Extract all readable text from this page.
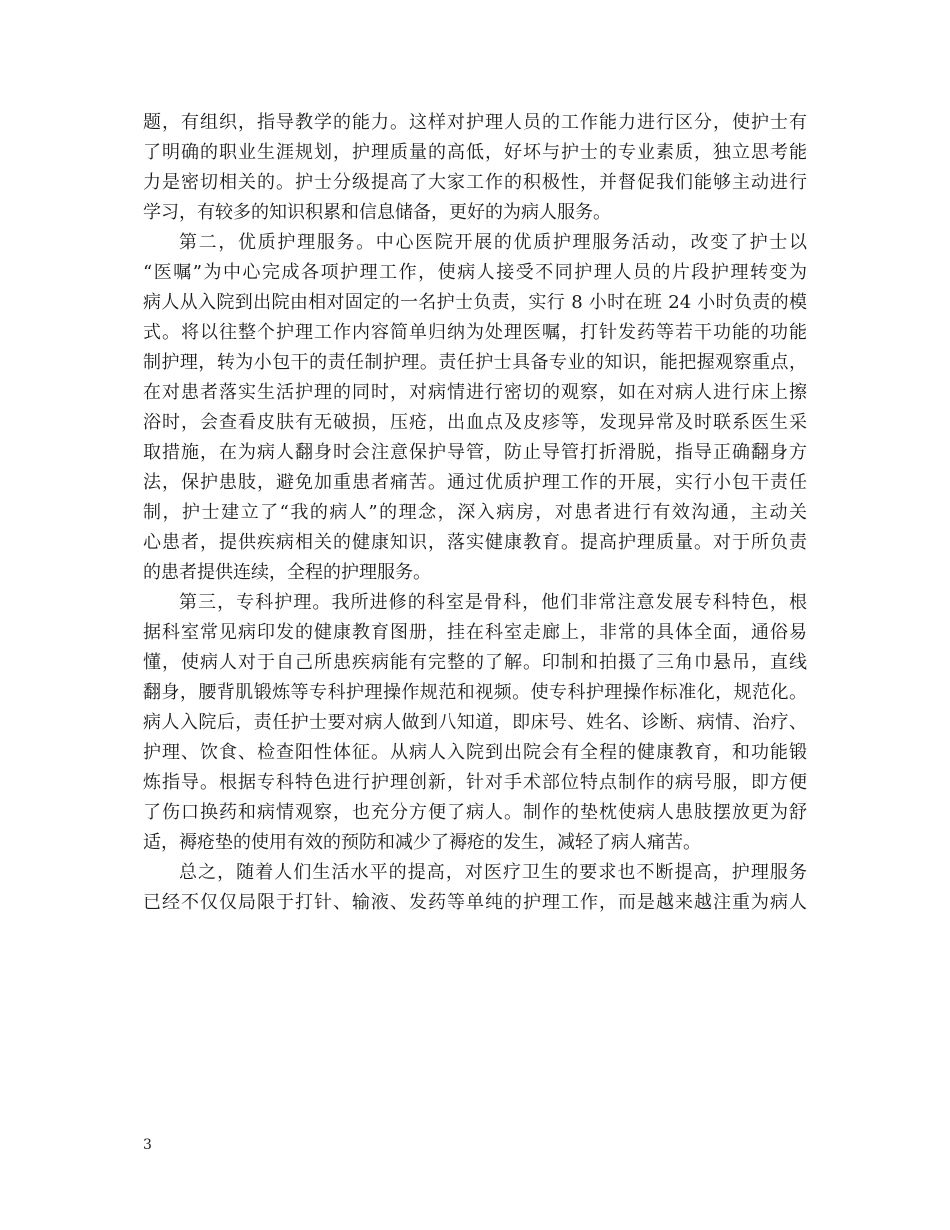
题，有组织，指导教学的能力。这样对护理人员的工作能力进行区分，使护士有
了明确的职业生涯规划，护理质量的高低，好坏与护士的专业素质，独立思考能
力是密切相关的。护士分级提高了大家工作的积极性，并督促我们能够主动进行
学习，有较多的知识积累和信息储备，更好的为病人服务。
第二，优质护理服务。中心医院开展的优质护理服务活动，改变了护士以
“医嘱”为中心完成各项护理工作，使病人接受不同护理人员的片段护理转变为
病人从入院到出院由相对固定的一名护士负责，实行 8 小时在班 24 小时负责的模
式。将以往整个护理工作内容简单归纳为处理医嘱，打针发药等若干功能的功能
制护理，转为小包干的责任制护理。责任护士具备专业的知识，能把握观察重点，
在对患者落实生活护理的同时，对病情进行密切的观察，如在对病人进行床上擦
浴时，会查看皮肤有无破损，压疮，出血点及皮疹等，发现异常及时联系医生采
取措施，在为病人翻身时会注意保护导管，防止导管打折滑脱，指导正确翻身方
法，保护患肢，避免加重患者痛苦。通过优质护理工作的开展，实行小包干责任
制，护士建立了“我的病人”的理念，深入病房，对患者进行有效沟通，主动关
心患者，提供疾病相关的健康知识，落实健康教育。提高护理质量。对于所负责
的患者提供连续，全程的护理服务。
第三，专科护理。我所进修的科室是骨科，他们非常注意发展专科特色，根
据科室常见病印发的健康教育图册，挂在科室走廊上，非常的具体全面，通俗易
懂，使病人对于自己所患疾病能有完整的了解。印制和拍摄了三角巾悬吊，直线
翻身，腰背肌锻炼等专科护理操作规范和视频。使专科护理操作标准化，规范化。
病人入院后，责任护士要对病人做到八知道，即床号、姓名、诊断、病情、治疗、
护理、饮食、检查阳性体征。从病人入院到出院会有全程的健康教育，和功能锻
炼指导。根据专科特色进行护理创新，针对手术部位特点制作的病号服，即方便
了伤口换药和病情观察，也充分方便了病人。制作的垫枕使病人患肢摆放更为舒
适，褥疮垫的使用有效的预防和减少了褥疮的发生，减轻了病人痛苦。
总之，随着人们生活水平的提高，对医疗卫生的要求也不断提高，护理服务
已经不仅仅局限于打针、输液、发药等单纯的护理工作，而是越来越注重为病人
3
